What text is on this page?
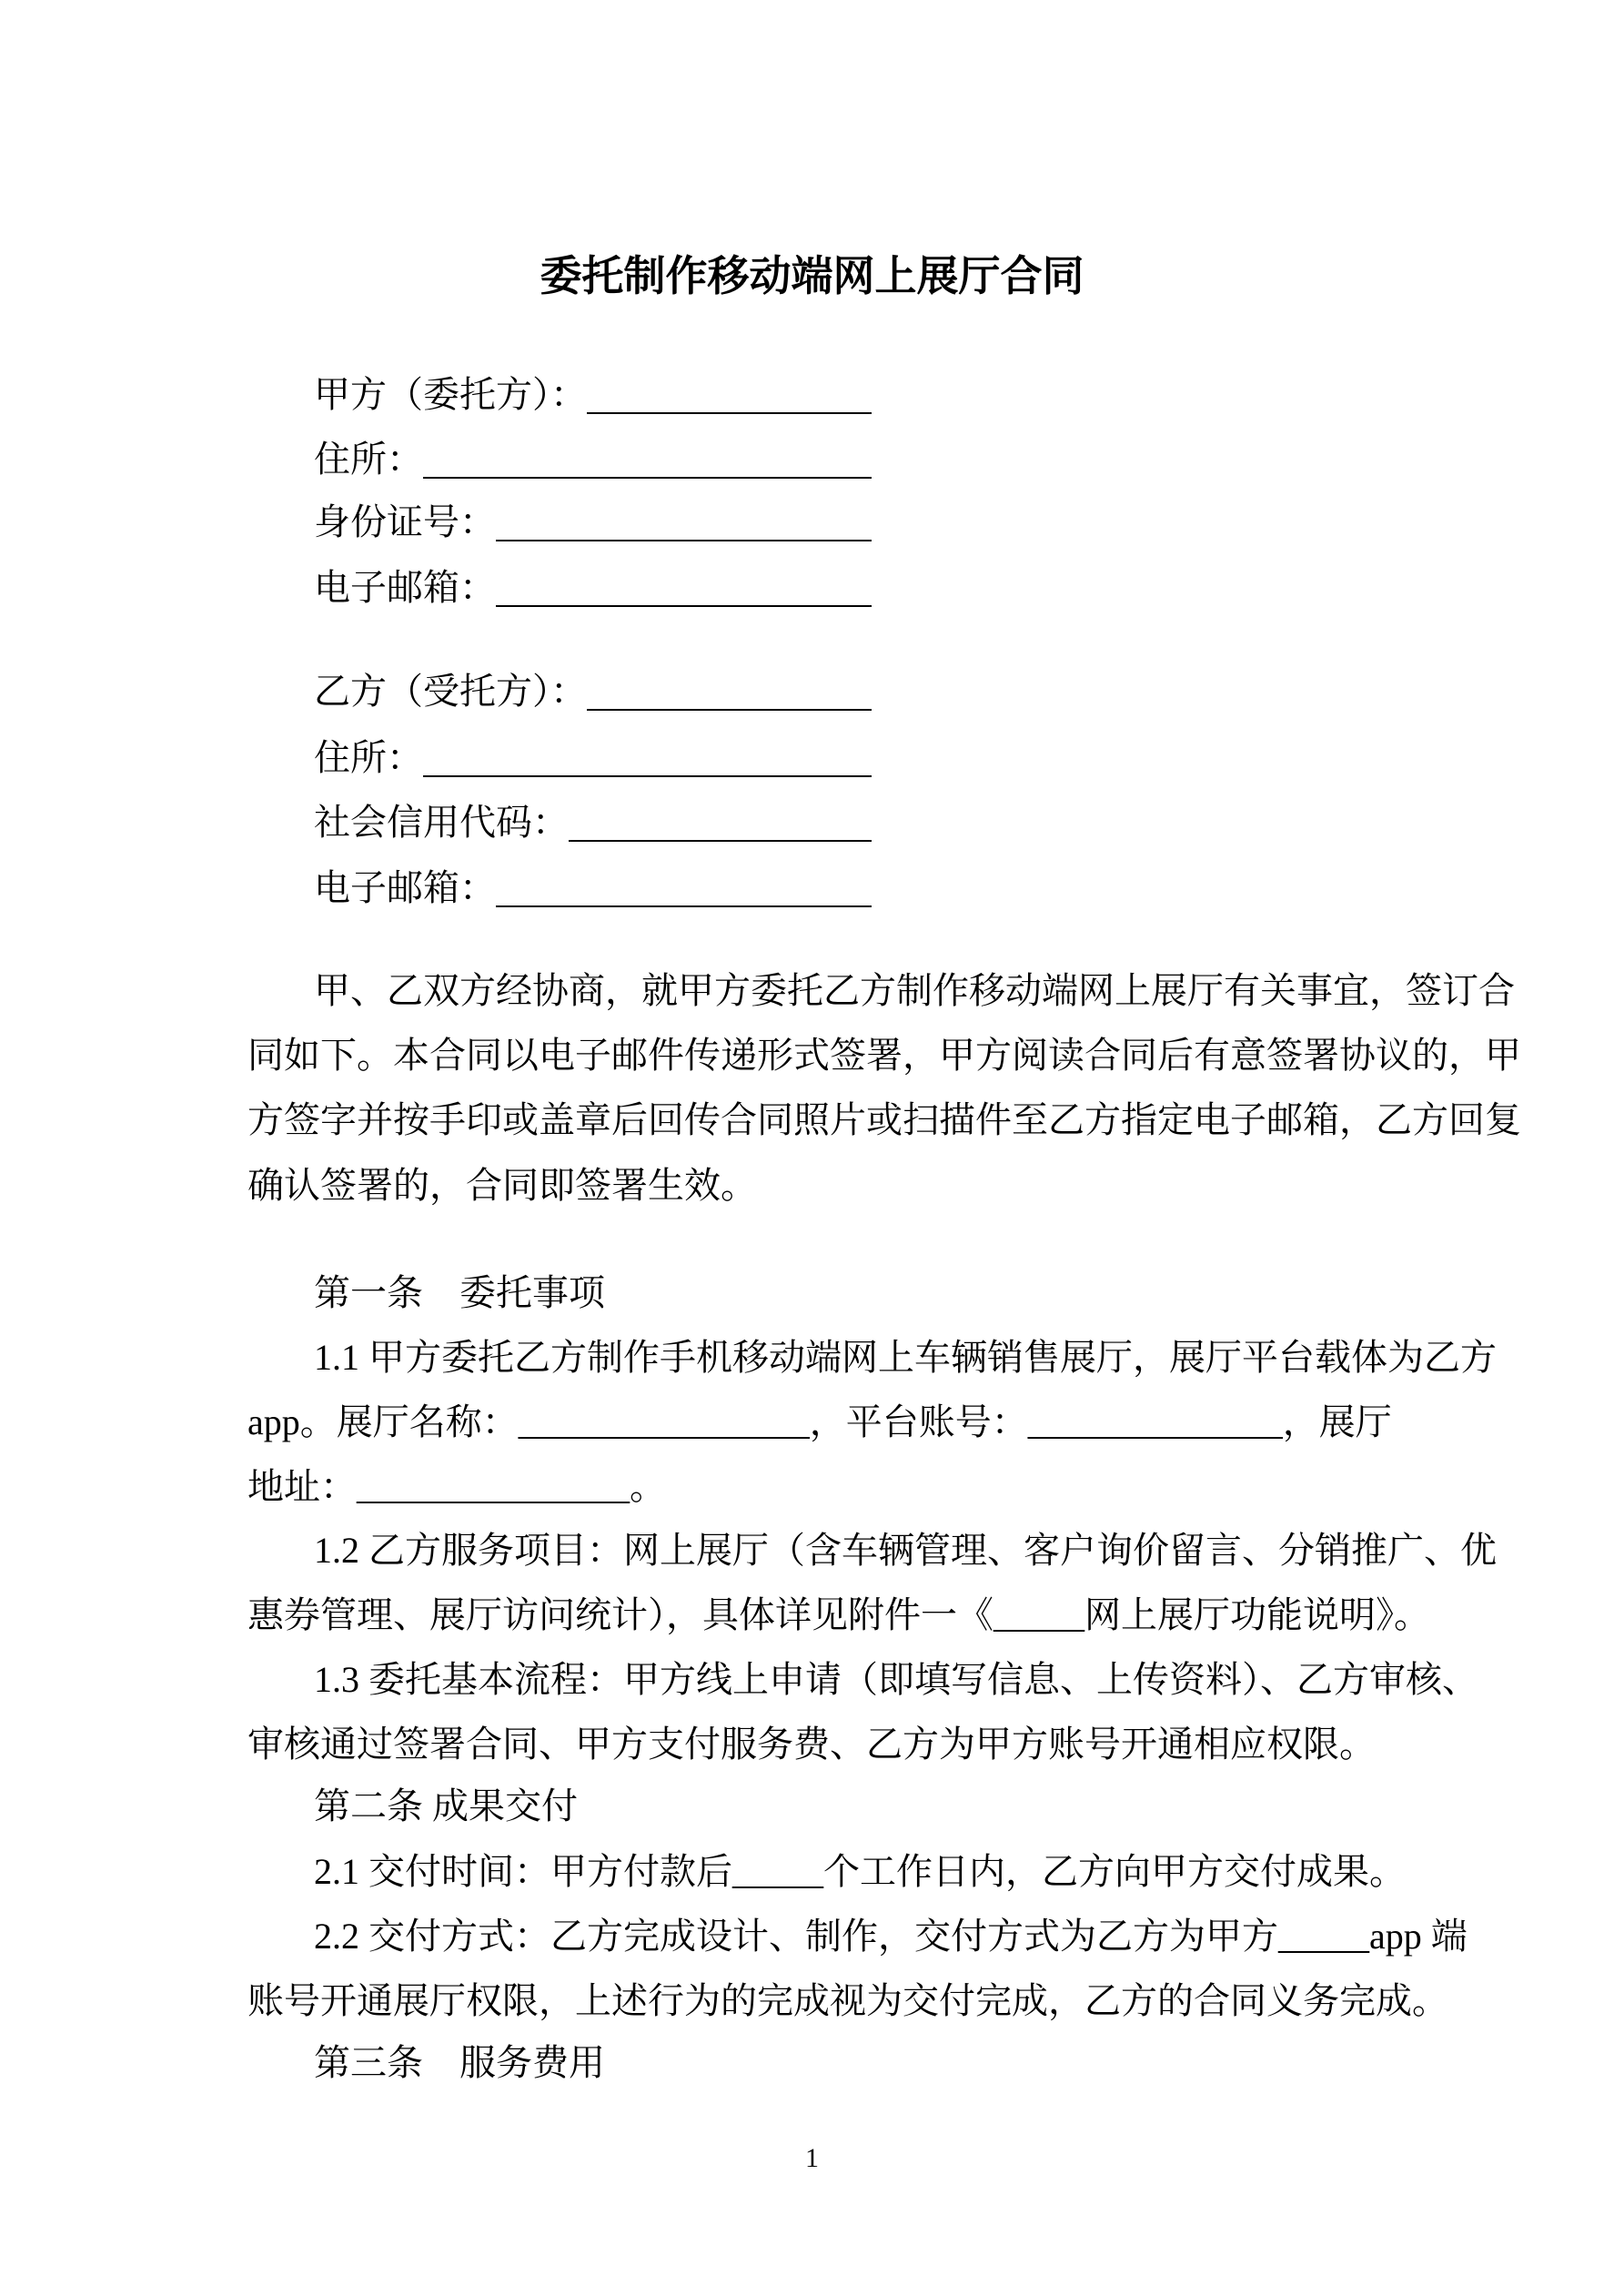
委托制作移动端网上展厅合同
甲方（委托方）：
住所：
身份证号：
电子邮箱：
乙方（受托方）：
住所：
社会信用代码：
电子邮箱：
甲、乙双方经协商，就甲方委托乙方制作移动端网上展厅有关事宜，签订合
同如下。本合同以电子邮件传递形式签署，甲方阅读合同后有意签署协议的，甲
方签字并按手印或盖章后回传合同照片或扫描件至乙方指定电子邮箱，乙方回复
确认签署的，合同即签署生效。
第一条　委托事项
1.1 甲方委托乙方制作手机移动端网上车辆销售展厅，展厅平台载体为乙方
app。展厅名称：________________，平台账号：______________，展厅
地址：_______________。
1.2 乙方服务项目：网上展厅（含车辆管理、客户询价留言、分销推广、优
惠券管理、展厅访问统计），具体详见附件一《_____网上展厅功能说明》。
1.3 委托基本流程：甲方线上申请（即填写信息、上传资料）、乙方审核、
审核通过签署合同、甲方支付服务费、乙方为甲方账号开通相应权限。
第二条 成果交付
2.1 交付时间：甲方付款后_____个工作日内，乙方向甲方交付成果。
2.2 交付方式：乙方完成设计、制作，交付方式为乙方为甲方_____app 端
账号开通展厅权限，上述行为的完成视为交付完成，乙方的合同义务完成。
第三条　服务费用
1
